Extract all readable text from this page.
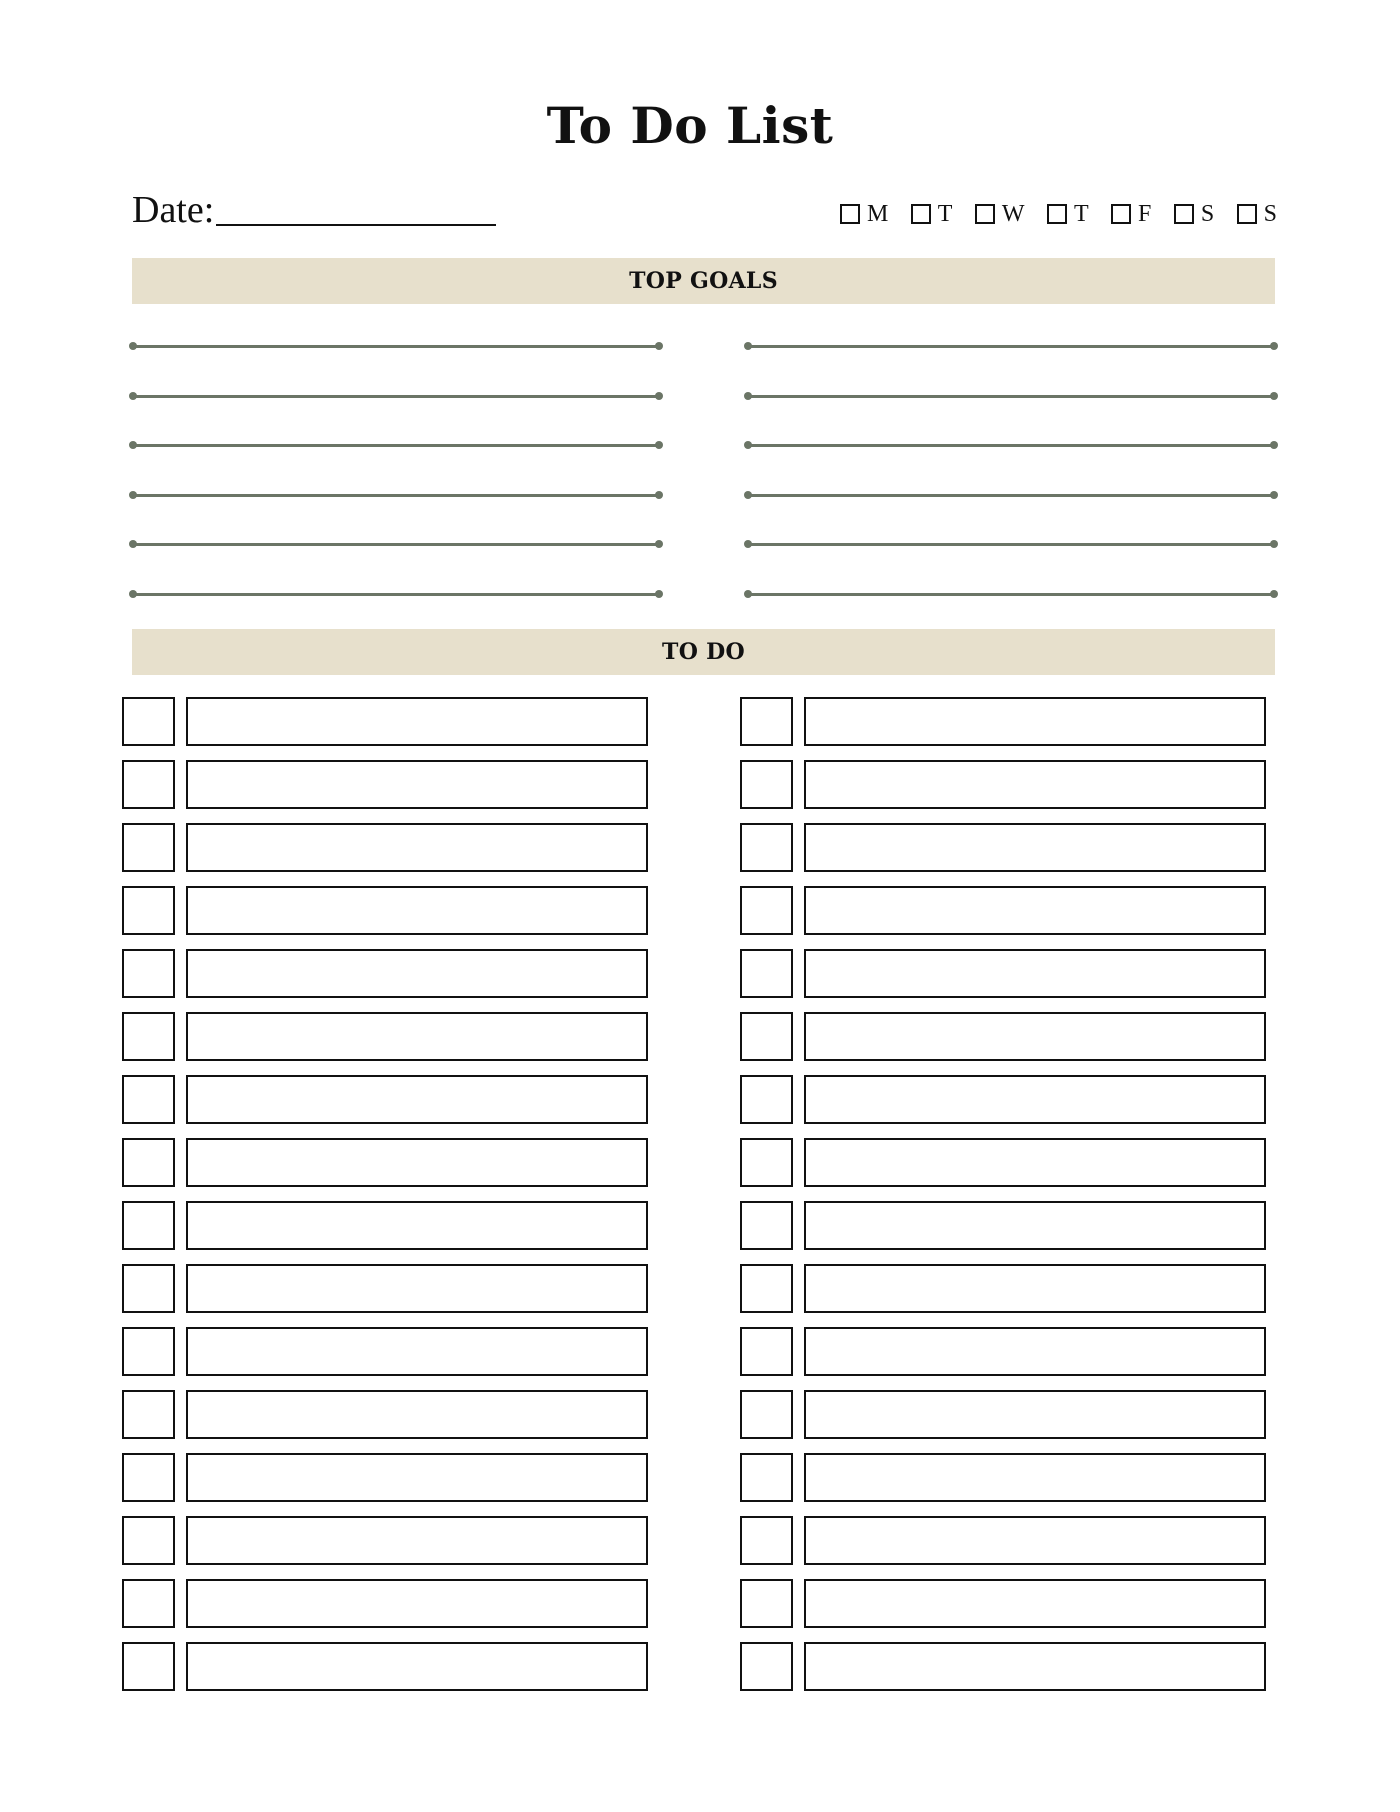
To Do List
Date:	M T W T F S S
TOP GOALS
TO DO
